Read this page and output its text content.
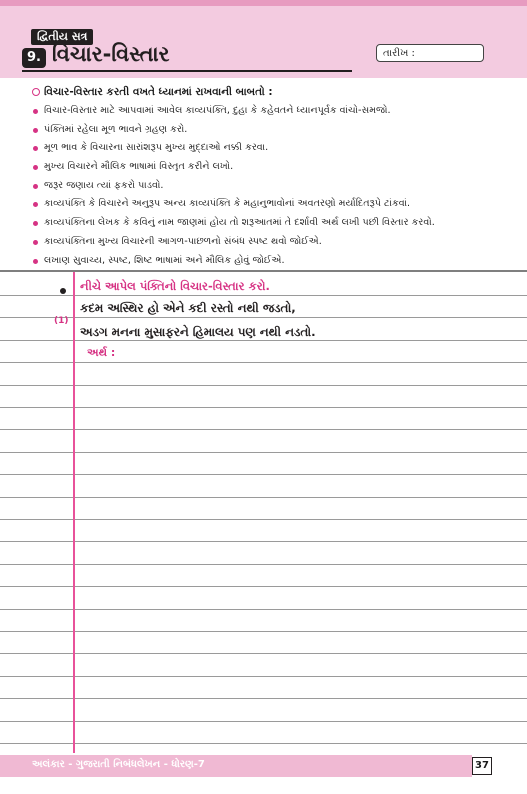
દ્વિતીય સત્ર
9. વિચાર-વિસ્તાર	તારીખ :
વિચાર-વિસ્તાર કરતી વખતે ધ્યાનમાં રાખવાની બાબતો :
વિચાર-વિસ્તાર માટે આપવામાં આવેલ કાવ્યપંક્તિ, દુહા કે કહેવતને ધ્યાનપૂર્વક વાંચો-સમજો.
પંક્તિમાં રહેલા મૂળ ભાવને ગ્રહણ કરો.
મૂળ ભાવ કે વિચારના સારાંશરૂપ મુખ્ય મુદ્દાઓ નક્કી કરવા.
મુખ્ય વિચારને મૌલિક ભાષામાં વિસ્તૃત કરીને લખો.
જરૂર જણાય ત્યાં ફકરો પાડવો.
કાવ્યપંક્તિ કે વિચારને અનુરૂપ અન્ય કાવ્યપંક્તિ કે મહાનુભાવોનાં અવતરણો મર્યાદિતરૂપે ટાંકવાં.
કાવ્યપંક્તિના લેખક કે કવિનું નામ જાણમાં હોય તો શરૂઆતમાં તે દર્શાવી અર્થ લખી પછી વિસ્તાર કરવો.
કાવ્યપંક્તિના મુખ્ય વિચારની આગળ-પાછળનો સંબંધ સ્પષ્ટ થવો જોઈએ.
લખાણ સુવાચ્ય, સ્પષ્ટ, શિષ્ટ ભાષામાં અને મૌલિક હોવું જોઈએ.
નીચે આપેલ પંક્તિનો વિચાર-વિસ્તાર કરો.
(1)
કદમ અસ્થિર હો એને કદી રસ્તો નથી જડતો,
અડગ મનના મુસાફરને હિમાલય પણ નથી નડતો.
અર્થ :
અલંકાર - ગુજરાતી નિબંધલેખન - ધોરણ-7	37
